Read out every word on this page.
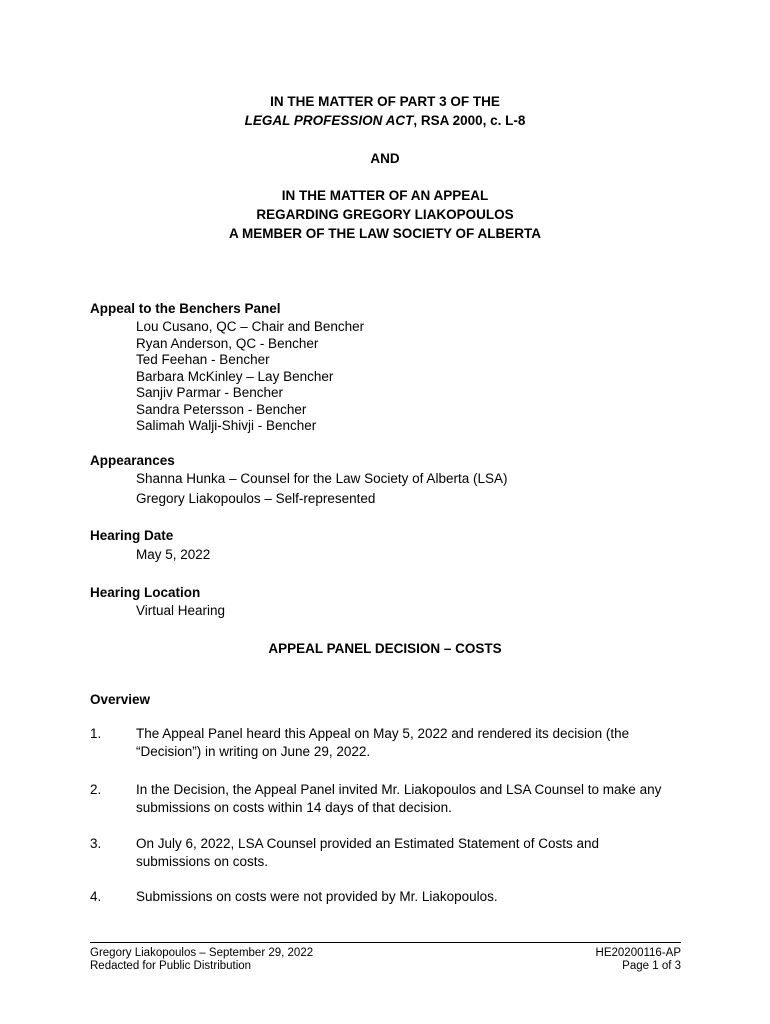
IN THE MATTER OF PART 3 OF THE
LEGAL PROFESSION ACT, RSA 2000, c. L-8
AND
IN THE MATTER OF AN APPEAL
REGARDING GREGORY LIAKOPOULOS
A MEMBER OF THE LAW SOCIETY OF ALBERTA
Appeal to the Benchers Panel
Lou Cusano, QC – Chair and Bencher
Ryan Anderson, QC - Bencher
Ted Feehan - Bencher
Barbara McKinley – Lay Bencher
Sanjiv Parmar - Bencher
Sandra Petersson - Bencher
Salimah Walji-Shivji - Bencher
Appearances
Shanna Hunka – Counsel for the Law Society of Alberta (LSA)
Gregory Liakopoulos – Self-represented
Hearing Date
May 5, 2022
Hearing Location
Virtual Hearing
APPEAL PANEL DECISION – COSTS
Overview
1.	The Appeal Panel heard this Appeal on May 5, 2022 and rendered its decision (the
“Decision”) in writing on June 29, 2022.
2.	In the Decision, the Appeal Panel invited Mr. Liakopoulos and LSA Counsel to make any
submissions on costs within 14 days of that decision.
3.	On July 6, 2022, LSA Counsel provided an Estimated Statement of Costs and
submissions on costs.
4.	Submissions on costs were not provided by Mr. Liakopoulos.
Gregory Liakopoulos – September 29, 2022
Redacted for Public Distribution
HE20200116-AP
Page 1 of 3
